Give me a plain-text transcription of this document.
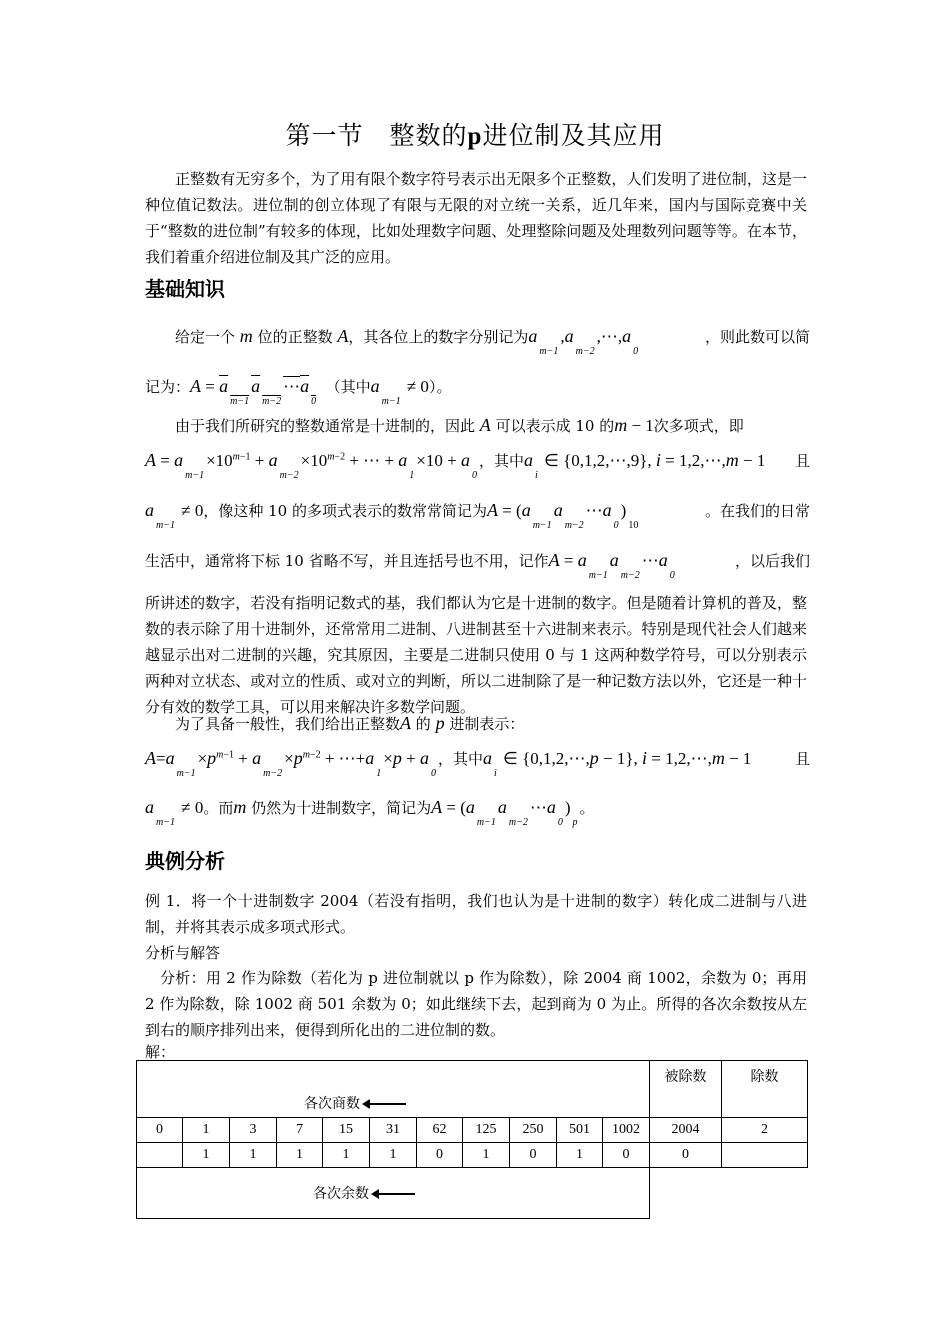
第一节　整数的p进位制及其应用
正整数有无穷多个，为了用有限个数字符号表示出无限多个正整数，人们发明了进位制，这是一种位值记数法。进位制的创立体现了有限与无限的对立统一关系，近几年来，国内与国际竞赛中关于“整数的进位制”有较多的体现，比如处理数字问题、处理整除问题及处理数列问题等等。在本节，我们着重介绍进位制及其广泛的应用。
基础知识
给定一个 m 位的正整数 A，其各位上的数字分别记为$a_{m-1},a_{m-2},\cdots,a_0$
，则此数可以简
记为：$A = a_{m-1}a_{m-2}\cdots a_0$　（其中$a_{m-1} \ne 0$）。
由于我们所研究的整数通常是十进制的，因此 A 可以表示成 10 的m − 1次多项式，即
$A = a_{m-1}\times 10^{m-1} + a_{m-2}\times 10^{m-2}$ + ⋯ + $a_1\times 10 + a_0$，其中$a_i$ ∈ {0,1,2,⋯,9}, i = 1,2,⋯,m − 1 且
$a_{m-1} \ne 0$，像这种 10 的多项式表示的数常常简记为$A = (a_{m-1}a_{m-2}\cdots a_0)_{10}$
。在我们的日常
生活中，通常将下标 10 省略不写，并且连括号也不用，记作$A = a_{m-1}a_{m-2}\cdots a_0$
，以后我们
所讲述的数字，若没有指明记数式的基，我们都认为它是十进制的数字。但是随着计算机的普及，整数的表示除了用十进制外，还常常用二进制、八进制甚至十六进制来表示。特别是现代社会人们越来越显示出对二进制的兴趣，究其原因，主要是二进制只使用 0 与 1 这两种数学符号，可以分别表示两种对立状态、或对立的性质、或对立的判断，所以二进制除了是一种记数方法以外，它还是一种十分有效的数学工具，可以用来解决许多数学问题。
为了具备一般性，我们给出正整数A 的 p 进制表示：
$A=a_{m-1}\times p^{m-1} + a_{m-2}\times p^{m-2}$ + $\cdots+a_1\times p + a_0$，其中$a_i$ ∈ {0,1,2,⋯,p − 1}, i = 1,2,⋯,m − 1	且
$a_{m-1} \ne 0$。而m 仍然为十进制数字，简记为$A = (a_{m-1}a_{m-2}\cdots a_0)_p$。
典例分析
例 1．将一个十进制数字 2004（若没有指明，我们也认为是十进制的数字）转化成二进制与八进制，并将其表示成多项式形式。
分析与解答
分析：用 2 作为除数（若化为 p 进位制就以 p 作为除数），除 2004 商 1002，余数为 0；再用 2 作为除数，除 1002 商 501 余数为 0；如此继续下去，起到商为 0 为止。所得的各次余数按从左到右的顺序排列出来，便得到所化出的二进位制的数。
解：
各次商数											被除数	除数
0	1	3	7	15	31	62	125	250	501	1002	2004	2
	1	1	1	1	1	0	1	0	1	0	0	
各次余数												
